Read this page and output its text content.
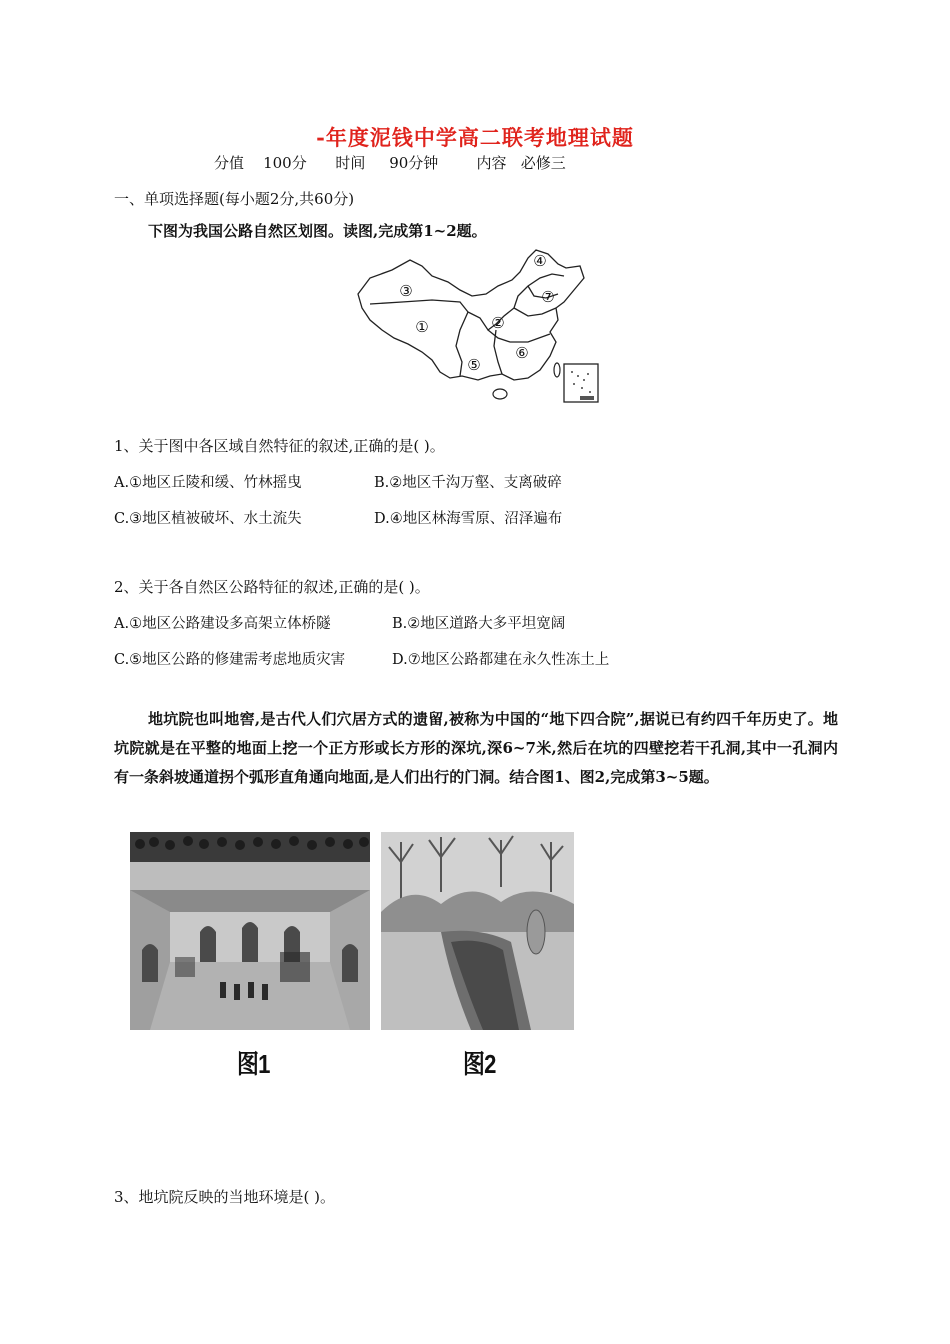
-年度泥钱中学高二联考地理试题
分值 100分 时间 90分钟	内容 必修三
一、单项选择题(每小题2分,共60分)
下图为我国公路自然区划图。读图,完成第1~2题。
①	②
③
④
⑤
⑥
⑦
1、关于图中各区域自然特征的叙述,正确的是( )。
A.①地区丘陵和缓、竹林摇曳	B.②地区千沟万壑、支离破碎
C.③地区植被破坏、水土流失	D.④地区林海雪原、沼泽遍布
2、关于各自然区公路特征的叙述,正确的是( )。
A.①地区公路建设多高架立体桥隧	B.②地区道路大多平坦宽阔
C.⑤地区公路的修建需考虑地质灾害	D.⑦地区公路都建在永久性冻土上
地坑院也叫地窖,是古代人们穴居方式的遗留,被称为中国的“地下四合院”,据说已有约四千年历史了。地坑院就是在平整的地面上挖一个正方形或长方形的深坑,深6~7米,然后在坑的四壁挖若干孔洞,其中一孔洞内有一条斜坡通道拐个弧形直角通向地面,是人们出行的门洞。结合图1、图2,完成第3~5题。
图1	图2
3、地坑院反映的当地环境是( )。
